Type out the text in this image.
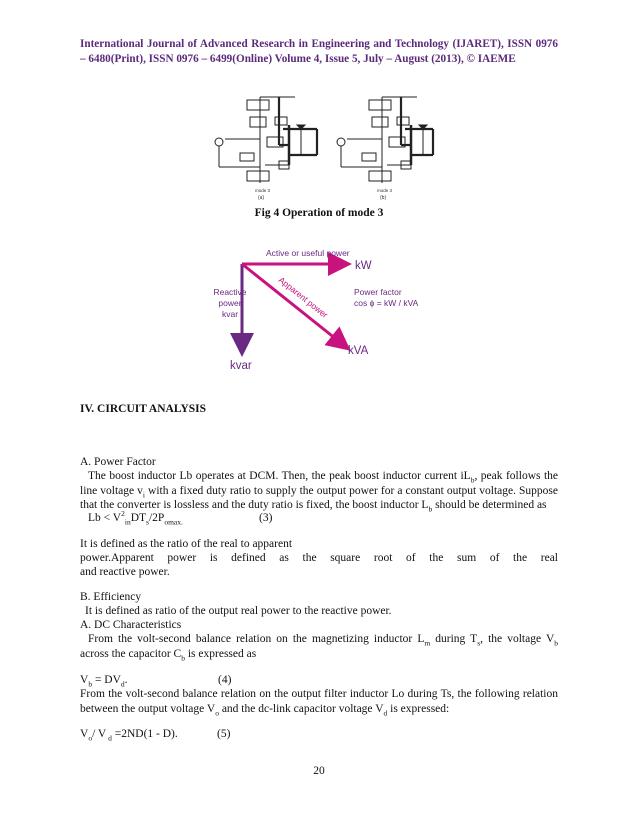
International Journal of Advanced Research in Engineering and Technology (IJARET), ISSN 0976 – 6480(Print), ISSN 0976 – 6499(Online) Volume 4, Issue 5, July – August (2013), © IAEME
mode 3
(a)
mode 3
(b)
Fig 4 Operation of mode 3
Active or useful power
kW
Reactive
power
kvar	Apparent power	Power factor
cos ϕ = kW / kVA
kVA
kvar
IV. CIRCUIT ANALYSIS
A. Power Factor
The boost inductor Lb operates at DCM. Then, the peak boost inductor current $iL_b$, peak follows the line voltage $v_i$ with a fixed duty ratio to supply the output power for a constant output voltage. Suppose that the converter is lossless and the duty ratio is fixed, the boost inductor $L_b$ should be determined as
$Lb < V^2_{in}DT_s/2P_{omax.}$	(3)
It is defined as the ratio of the real to apparent
power.Apparent power is defined as the square root of the sum of the real
and reactive power.
B. Efficiency
It is defined as ratio of the output real power to the reactive power.
A. DC Characteristics
From the volt-second balance relation on the magnetizing inductor $L_m$ during $T_s$, the voltage $V_b$ across the capacitor $C_b$ is expressed as
$V_b = DV_d$.	(4)
From the volt-second balance relation on the output filter inductor Lo during Ts, the following relation between the output voltage $V_o$ and the dc-link capacitor voltage $V_d$ is expressed:
$V_o/$ V $_d$ =2ND(1 - D).	(5)
20
